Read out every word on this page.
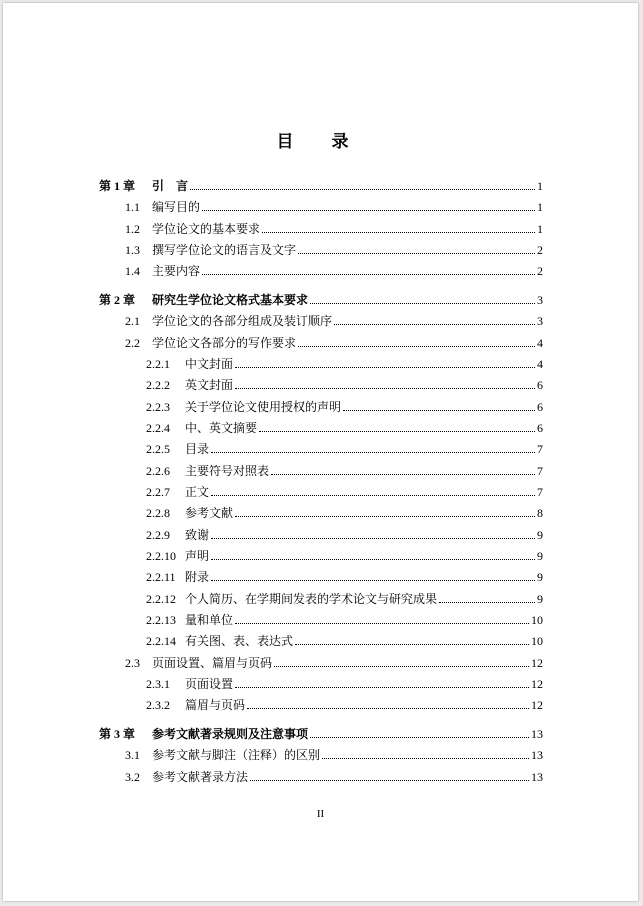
目 录
第 1 章	引　言	1
1.1	编写目的	1
1.2	学位论文的基本要求	1
1.3	撰写学位论文的语言及文字	2
1.4	主要内容	2
第 2 章	研究生学位论文格式基本要求	3
2.1	学位论文的各部分组成及装订顺序	3
2.2	学位论文各部分的写作要求	4
2.2.1	中文封面	4
2.2.2	英文封面	6
2.2.3	关于学位论文使用授权的声明	6
2.2.4	中、英文摘要	6
2.2.5	目录	7
2.2.6	主要符号对照表	7
2.2.7	正文	7
2.2.8	参考文献	8
2.2.9	致谢	9
2.2.10 声明	9
2.2.11 附录	9
2.2.12 个人简历、在学期间发表的学术论文与研究成果	9
2.2.13 量和单位	10
2.2.14 有关图、表、表达式	10
2.3	页面设置、篇眉与页码	12
2.3.1	页面设置	12
2.3.2	篇眉与页码	12
第 3 章	参考文献著录规则及注意事项	13
3.1	参考文献与脚注（注释）的区别	13
3.2	参考文献著录方法	13
II
